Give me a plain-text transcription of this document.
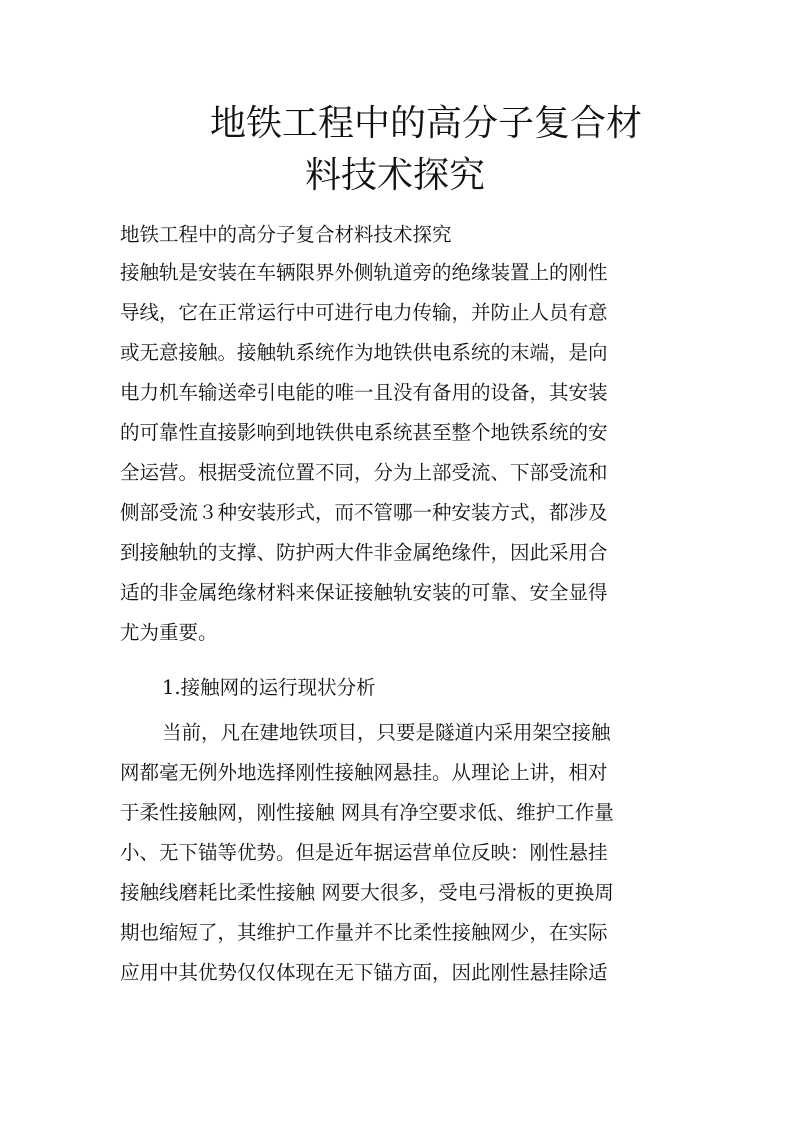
地铁工程中的高分子复合材
料技术探究
地铁工程中的高分子复合材料技术探究
接触轨是安装在车辆限界外侧轨道旁的绝缘装置上的刚性
导线，它在正常运行中可进行电力传输，并防止人员有意
或无意接触。接触轨系统作为地铁供电系统的末端，是向
电力机车输送牵引电能的唯一且没有备用的设备，其安装
的可靠性直接影响到地铁供电系统甚至整个地铁系统的安
全运营。根据受流位置不同，分为上部受流、下部受流和
侧部受流３种安装形式，而不管哪一种安装方式，都涉及
到接触轨的支撑、防护两大件非金属绝缘件，因此采用合
适的非金属绝缘材料来保证接触轨安装的可靠、安全显得
尤为重要。
1.接触网的运行现状分析
当前，凡在建地铁项目，只要是隧道内采用架空接触
网都毫无例外地选择刚性接触网悬挂。从理论上讲，相对
于柔性接触网，刚性接触 网具有净空要求低、维护工作量
小、无下锚等优势。但是近年据运营单位反映：刚性悬挂
接触线磨耗比柔性接触 网要大很多，受电弓滑板的更换周
期也缩短了，其维护工作量并不比柔性接触网少，在实际
应用中其优势仅仅体现在无下锚方面，因此刚性悬挂除适
